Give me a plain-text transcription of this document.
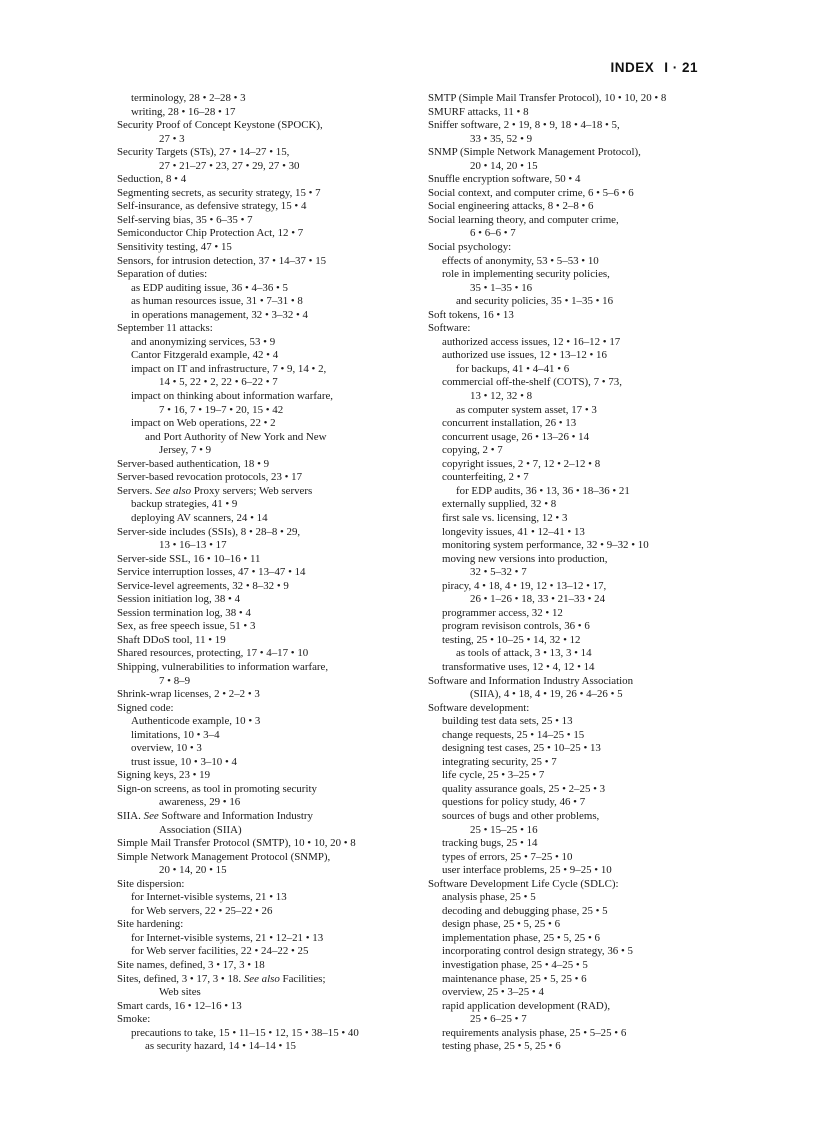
INDEX I · 21
terminology, 28 • 2–28 • 3
writing, 28 • 16–28 • 17
Security Proof of Concept Keystone (SPOCK),
27 • 3
Security Targets (STs), 27 • 14–27 • 15,
27 • 21–27 • 23, 27 • 29, 27 • 30
Seduction, 8 • 4
Segmenting secrets, as security strategy, 15 • 7
Self-insurance, as defensive strategy, 15 • 4
Self-serving bias, 35 • 6–35 • 7
Semiconductor Chip Protection Act, 12 • 7
Sensitivity testing, 47 • 15
Sensors, for intrusion detection, 37 • 14–37 • 15
Separation of duties:
as EDP auditing issue, 36 • 4–36 • 5
as human resources issue, 31 • 7–31 • 8
in operations management, 32 • 3–32 • 4
September 11 attacks:
and anonymizing services, 53 • 9
Cantor Fitzgerald example, 42 • 4
impact on IT and infrastructure, 7 • 9, 14 • 2,
14 • 5, 22 • 2, 22 • 6–22 • 7
impact on thinking about information warfare,
7 • 16, 7 • 19–7 • 20, 15 • 42
impact on Web operations, 22 • 2
and Port Authority of New York and New
Jersey, 7 • 9
Server-based authentication, 18 • 9
Server-based revocation protocols, 23 • 17
Servers. See also Proxy servers; Web servers
backup strategies, 41 • 9
deploying AV scanners, 24 • 14
Server-side includes (SSIs), 8 • 28–8 • 29,
13 • 16–13 • 17
Server-side SSL, 16 • 10–16 • 11
Service interruption losses, 47 • 13–47 • 14
Service-level agreements, 32 • 8–32 • 9
Session initiation log, 38 • 4
Session termination log, 38 • 4
Sex, as free speech issue, 51 • 3
Shaft DDoS tool, 11 • 19
Shared resources, protecting, 17 • 4–17 • 10
Shipping, vulnerabilities to information warfare,
7 • 8–9
Shrink-wrap licenses, 2 • 2–2 • 3
Signed code:
Authenticode example, 10 • 3
limitations, 10 • 3–4
overview, 10 • 3
trust issue, 10 • 3–10 • 4
Signing keys, 23 • 19
Sign-on screens, as tool in promoting security
awareness, 29 • 16
SIIA. See Software and Information Industry
Association (SIIA)
Simple Mail Transfer Protocol (SMTP), 10 • 10, 20 • 8
Simple Network Management Protocol (SNMP),
20 • 14, 20 • 15
Site dispersion:
for Internet-visible systems, 21 • 13
for Web servers, 22 • 25–22 • 26
Site hardening:
for Internet-visible systems, 21 • 12–21 • 13
for Web server facilities, 22 • 24–22 • 25
Site names, defined, 3 • 17, 3 • 18
Sites, defined, 3 • 17, 3 • 18. See also Facilities;
Web sites
Smart cards, 16 • 12–16 • 13
Smoke:
precautions to take, 15 • 11–15 • 12, 15 • 38–15 • 40
as security hazard, 14 • 14–14 • 15
SMTP (Simple Mail Transfer Protocol), 10 • 10, 20 • 8
SMURF attacks, 11 • 8
Sniffer software, 2 • 19, 8 • 9, 18 • 4–18 • 5,
33 • 35, 52 • 9
SNMP (Simple Network Management Protocol),
20 • 14, 20 • 15
Snuffle encryption software, 50 • 4
Social context, and computer crime, 6 • 5–6 • 6
Social engineering attacks, 8 • 2–8 • 6
Social learning theory, and computer crime,
6 • 6–6 • 7
Social psychology:
effects of anonymity, 53 • 5–53 • 10
role in implementing security policies,
35 • 1–35 • 16
and security policies, 35 • 1–35 • 16
Soft tokens, 16 • 13
Software:
authorized access issues, 12 • 16–12 • 17
authorized use issues, 12 • 13–12 • 16
for backups, 41 • 4–41 • 6
commercial off-the-shelf (COTS), 7 • 73,
13 • 12, 32 • 8
as computer system asset, 17 • 3
concurrent installation, 26 • 13
concurrent usage, 26 • 13–26 • 14
copying, 2 • 7
copyright issues, 2 • 7, 12 • 2–12 • 8
counterfeiting, 2 • 7
for EDP audits, 36 • 13, 36 • 18–36 • 21
externally supplied, 32 • 8
first sale vs. licensing, 12 • 3
longevity issues, 41 • 12–41 • 13
monitoring system performance, 32 • 9–32 • 10
moving new versions into production,
32 • 5–32 • 7
piracy, 4 • 18, 4 • 19, 12 • 13–12 • 17,
26 • 1–26 • 18, 33 • 21–33 • 24
programmer access, 32 • 12
program revisison controls, 36 • 6
testing, 25 • 10–25 • 14, 32 • 12
as tools of attack, 3 • 13, 3 • 14
transformative uses, 12 • 4, 12 • 14
Software and Information Industry Association
(SIIA), 4 • 18, 4 • 19, 26 • 4–26 • 5
Software development:
building test data sets, 25 • 13
change requests, 25 • 14–25 • 15
designing test cases, 25 • 10–25 • 13
integrating security, 25 • 7
life cycle, 25 • 3–25 • 7
quality assurance goals, 25 • 2–25 • 3
questions for policy study, 46 • 7
sources of bugs and other problems,
25 • 15–25 • 16
tracking bugs, 25 • 14
types of errors, 25 • 7–25 • 10
user interface problems, 25 • 9–25 • 10
Software Development Life Cycle (SDLC):
analysis phase, 25 • 5
decoding and debugging phase, 25 • 5
design phase, 25 • 5, 25 • 6
implementation phase, 25 • 5, 25 • 6
incorporating control design strategy, 36 • 5
investigation phase, 25 • 4–25 • 5
maintenance phase, 25 • 5, 25 • 6
overview, 25 • 3–25 • 4
rapid application development (RAD),
25 • 6–25 • 7
requirements analysis phase, 25 • 5–25 • 6
testing phase, 25 • 5, 25 • 6
